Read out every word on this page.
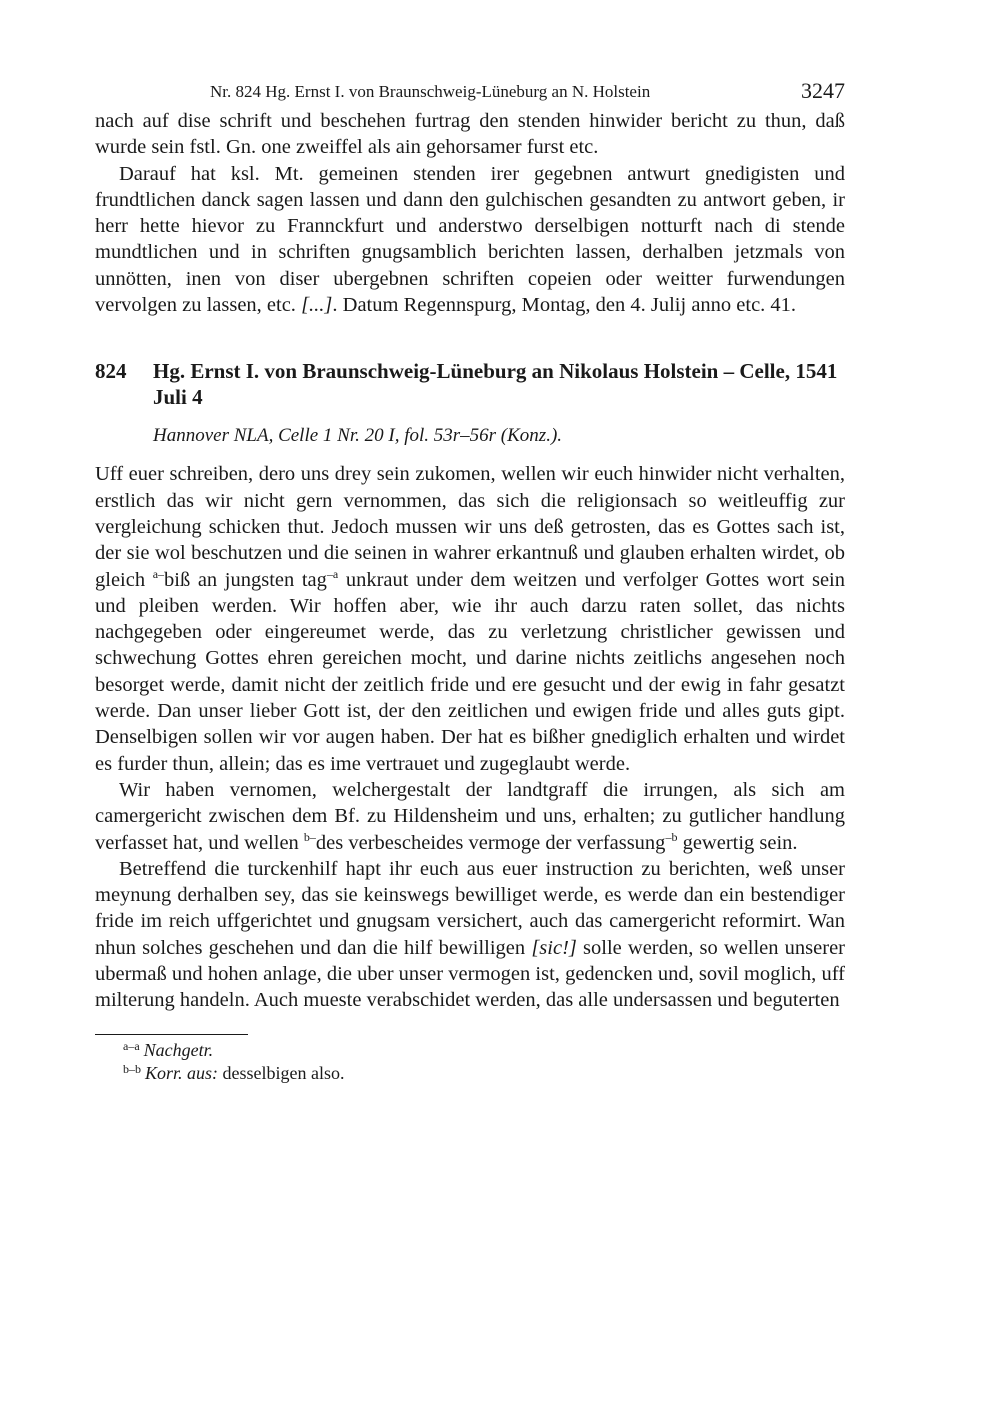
Nr. 824 Hg. Ernst I. von Braunschweig-Lüneburg an N. Holstein	3247

nach auf dise schrift und beschehen furtrag den stenden hinwider bericht zu thun, daß wurde sein fstl. Gn. one zweiffel als ain gehorsamer furst etc.

Darauf hat ksl. Mt. gemeinen stenden irer gegebnen antwurt gnedigisten und frundtlichen danck sagen lassen und dann den gulchischen gesandten zu antwort geben, ir herr hette hievor zu Frannckfurt und anderstwo derselbigen notturft nach di stende mundtlichen und in schriften gnugsamblich berichten lassen, derhalben jetzmals von unnötten, inen von diser ubergebnen schriften copeien oder weitter furwendungen vervolgen zu lassen, etc. [...]. Datum Regennspurg, Montag, den 4. Julij anno etc. 41.

824	Hg. Ernst I. von Braunschweig-Lüneburg an Nikolaus Holstein – Celle, 1541 Juli 4
Hannover NLA, Celle 1 Nr. 20 I, fol. 53r–56r (Konz.).

Uff euer schreiben, dero uns drey sein zukomen, wellen wir euch hinwider nicht verhalten, erstlich das wir nicht gern vernommen, das sich die religionsach so weitleuffig zur vergleichung schicken thut. Jedoch mussen wir uns deß getrosten, das es Gottes sach ist, der sie wol beschutzen und die seinen in wahrer erkantnuß und glauben erhalten wirdet, ob gleich $^{a-}$biß an jungsten tag$^{-a}$ unkraut under dem weitzen und verfolger Gottes wort sein und pleiben werden. Wir hoffen aber, wie ihr auch darzu raten sollet, das nichts nachgegeben oder eingereumet werde, das zu verletzung christlicher gewissen und schwechung Gottes ehren gereichen mocht, und darine nichts zeitlichs angesehen noch besorget werde, damit nicht der zeitlich fride und ere gesucht und der ewig in fahr gesatzt werde. Dan unser lieber Gott ist, der den zeitlichen und ewigen fride und alles guts gipt. Denselbigen sollen wir vor augen haben. Der hat es bißher gnediglich erhalten und wirdet es furder thun, allein; das es ime vertrauet und zugeglaubt werde.

Wir haben vernomen, welchergestalt der landtgraff die irrungen, als sich am camergericht zwischen dem Bf. zu Hildensheim und uns, erhalten; zu gutlicher handlung verfasset hat, und wellen $^{b-}$des verbescheides vermoge der verfassung$^{-b}$ gewertig sein.

Betreffend die turckenhilf hapt ihr euch aus euer instruction zu berichten, weß unser meynung derhalben sey, das sie keinswegs bewilliget werde, es werde dan ein bestendiger fride im reich uffgerichtet und gnugsam versichert, auch das camergericht reformirt. Wan nhun solches geschehen und dan die hilf bewilligen [sic!] solle werden, so wellen unserer ubermaß und hohen anlage, die uber unser vermogen ist, gedencken und, sovil moglich, uff milterung handeln. Auch mueste verabschidet werden, das alle undersassen und beguterten

$^{a-a}$ Nachgetr.

$^{b-b}$ Korr. aus: desselbigen also.
